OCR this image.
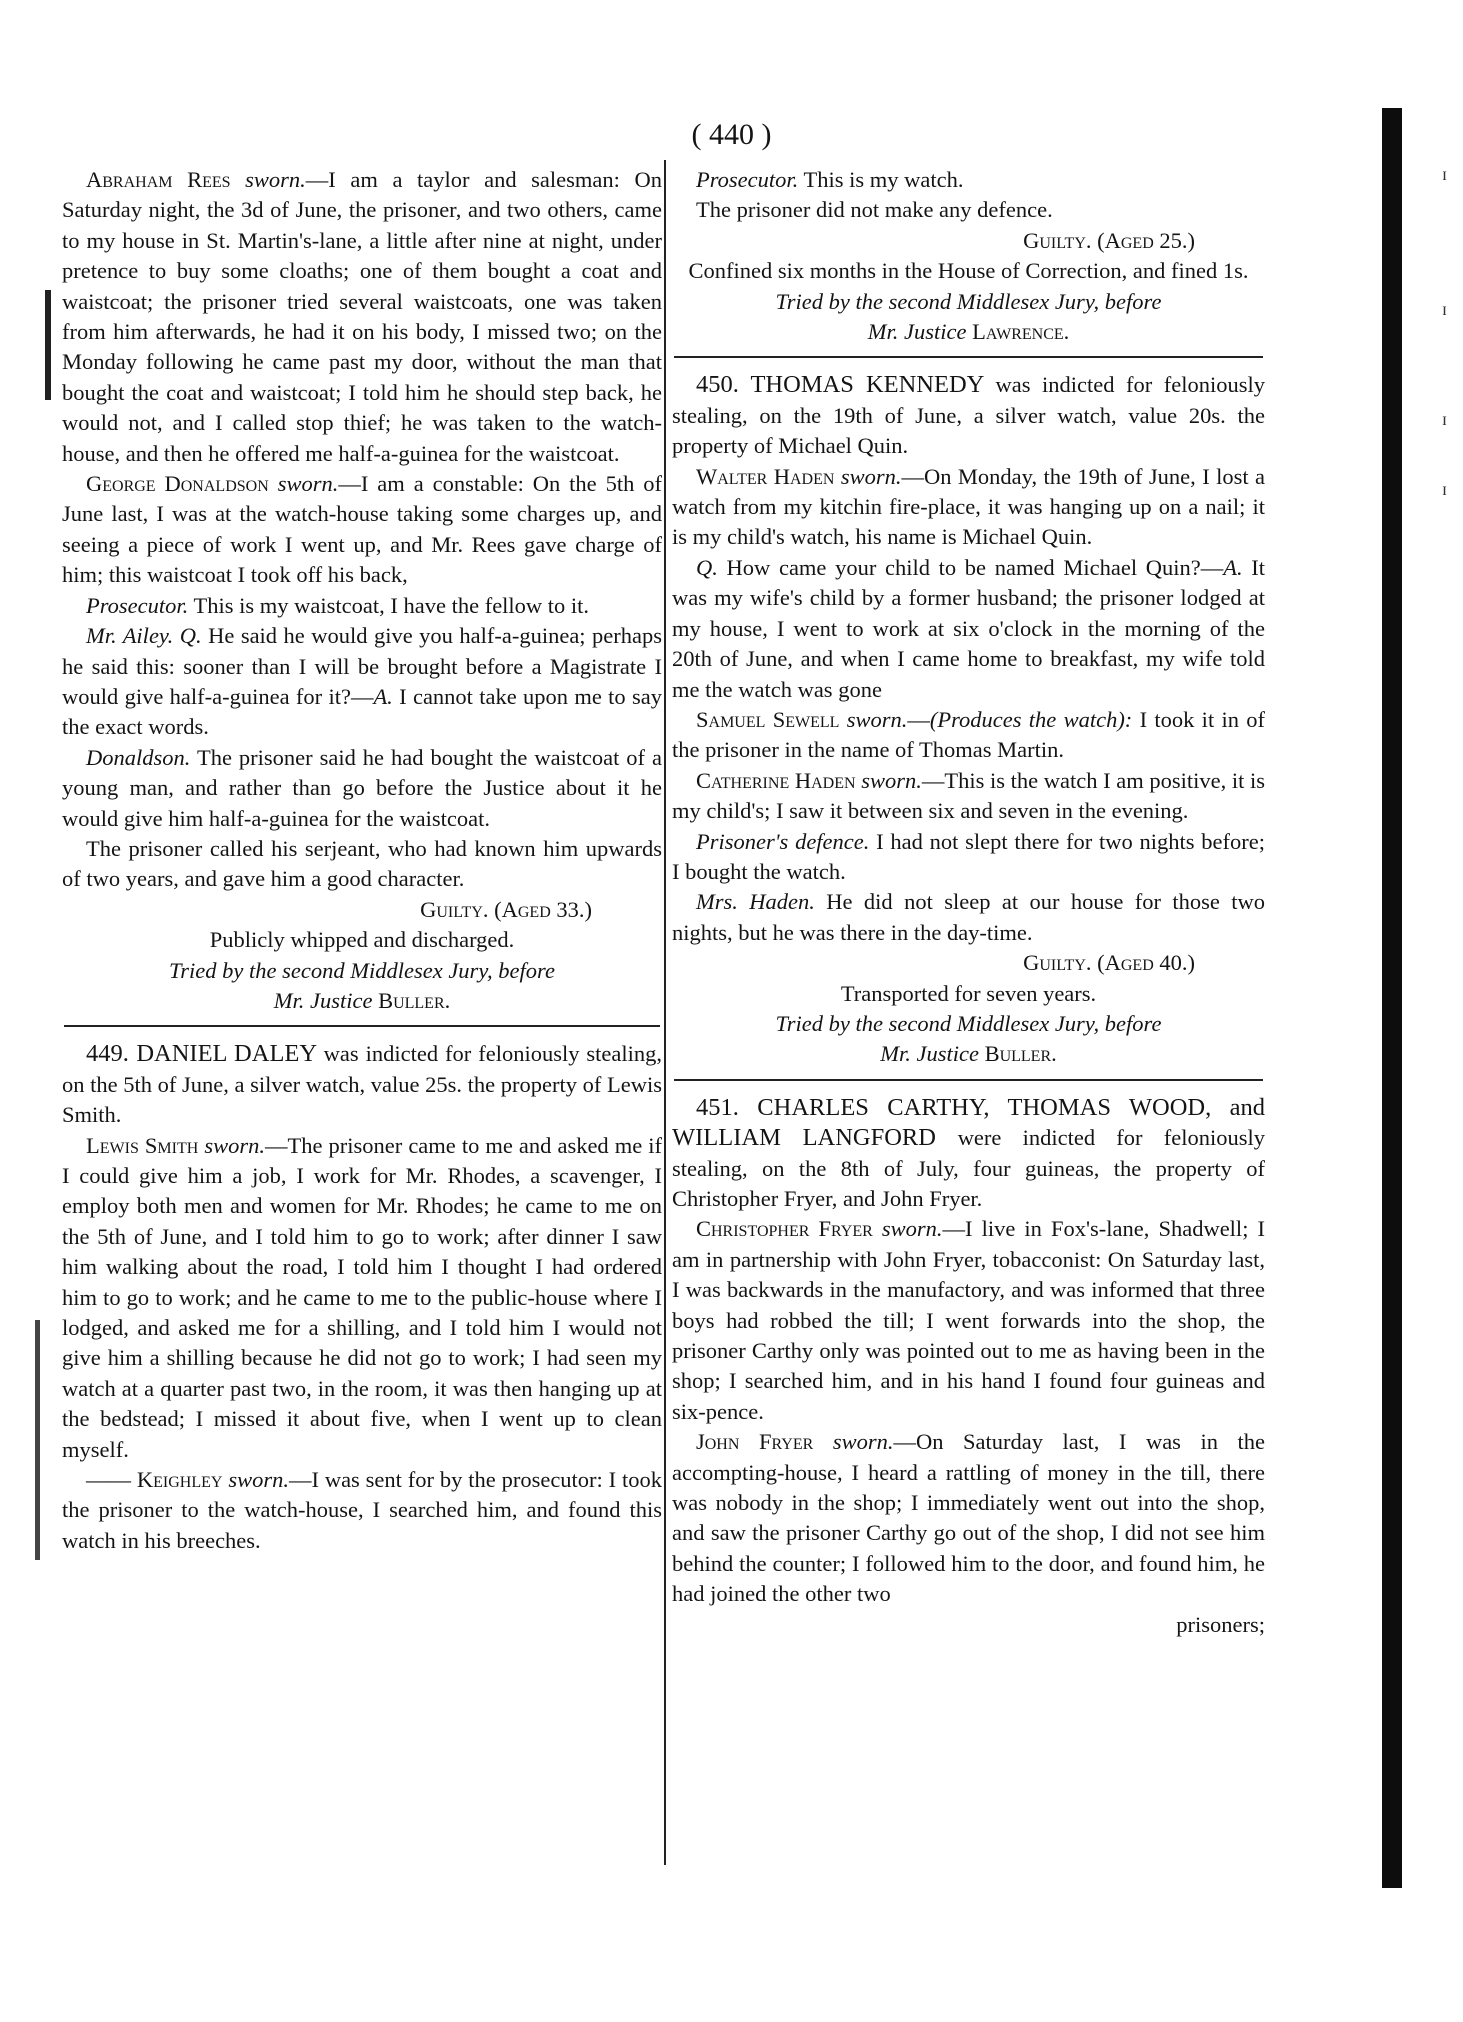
( 440 )
ɪ
ɪ
ɪ
ɪ

Abraham Rees sworn.—I am a taylor and salesman: On Saturday night, the 3d of June, the prisoner, and two others, came to my house in St. Martin's-lane, a little after nine at night, under pretence to buy some cloaths; one of them bought a coat and waistcoat; the prisoner tried several waistcoats, one was taken from him afterwards, he had it on his body, I missed two; on the Monday following he came past my door, without the man that bought the coat and waistcoat; I told him he should step back, he would not, and I called stop thief; he was taken to the watch-house, and then he offered me half-a-guinea for the waistcoat.

George Donaldson sworn.—I am a constable: On the 5th of June last, I was at the watch-house taking some charges up, and seeing a piece of work I went up, and Mr. Rees gave charge of him; this waistcoat I took off his back,

Prosecutor. This is my waistcoat, I have the fellow to it.

Mr. Ailey. Q. He said he would give you half-a-guinea; perhaps he said this: sooner than I will be brought before a Magistrate I would give half-a-guinea for it?—A. I cannot take upon me to say the exact words.

Donaldson. The prisoner said he had bought the waistcoat of a young man, and rather than go before the Justice about it he would give him half-a-guinea for the waistcoat.

The prisoner called his serjeant, who had known him upwards of two years, and gave him a good character.

Guilty. (Aged 33.)

Publicly whipped and discharged.

Tried by the second Middlesex Jury, before

Mr. Justice Buller.

449. DANIEL DALEY was indicted for feloniously stealing, on the 5th of June, a silver watch, value 25s. the property of Lewis Smith.

Lewis Smith sworn.—The prisoner came to me and asked me if I could give him a job, I work for Mr. Rhodes, a scavenger, I employ both men and women for Mr. Rhodes; he came to me on the 5th of June, and I told him to go to work; after dinner I saw him walking about the road, I told him I thought I had ordered him to go to work; and he came to me to the public-house where I lodged, and asked me for a shilling, and I told him I would not give him a shilling because he did not go to work; I had seen my watch at a quarter past two, in the room, it was then hanging up at the bedstead; I missed it about five, when I went up to clean myself.

—— Keighley sworn.—I was sent for by the prosecutor: I took the prisoner to the watch-house, I searched him, and found this watch in his breeches.

Prosecutor. This is my watch.

The prisoner did not make any defence.

Guilty. (Aged 25.)

Confined six months in the House of Correction, and fined 1s.

Tried by the second Middlesex Jury, before

Mr. Justice Lawrence.

450. THOMAS KENNEDY was indicted for feloniously stealing, on the 19th of June, a silver watch, value 20s. the property of Michael Quin.

Walter Haden sworn.—On Monday, the 19th of June, I lost a watch from my kitchin fire-place, it was hanging up on a nail; it is my child's watch, his name is Michael Quin.

Q. How came your child to be named Michael Quin?—A. It was my wife's child by a former husband; the prisoner lodged at my house, I went to work at six o'clock in the morning of the 20th of June, and when I came home to breakfast, my wife told me the watch was gone

Samuel Sewell sworn.—(Produces the watch): I took it in of the prisoner in the name of Thomas Martin.

Catherine Haden sworn.—This is the watch I am positive, it is my child's; I saw it between six and seven in the evening.

Prisoner's defence. I had not slept there for two nights before; I bought the watch.

Mrs. Haden. He did not sleep at our house for those two nights, but he was there in the day-time.

Guilty. (Aged 40.)

Transported for seven years.

Tried by the second Middlesex Jury, before

Mr. Justice Buller.

451. CHARLES CARTHY, THOMAS WOOD, and WILLIAM LANGFORD were indicted for feloniously stealing, on the 8th of July, four guineas, the property of Christopher Fryer, and John Fryer.

Christopher Fryer sworn.—I live in Fox's-lane, Shadwell; I am in partnership with John Fryer, tobacconist: On Saturday last, I was backwards in the manufactory, and was informed that three boys had robbed the till; I went forwards into the shop, the prisoner Carthy only was pointed out to me as having been in the shop; I searched him, and in his hand I found four guineas and six-pence.

John Fryer sworn.—On Saturday last, I was in the accompting-house, I heard a rattling of money in the till, there was nobody in the shop; I immediately went out into the shop, and saw the prisoner Carthy go out of the shop, I did not see him behind the counter; I followed him to the door, and found him, he had joined the other two

prisoners;
